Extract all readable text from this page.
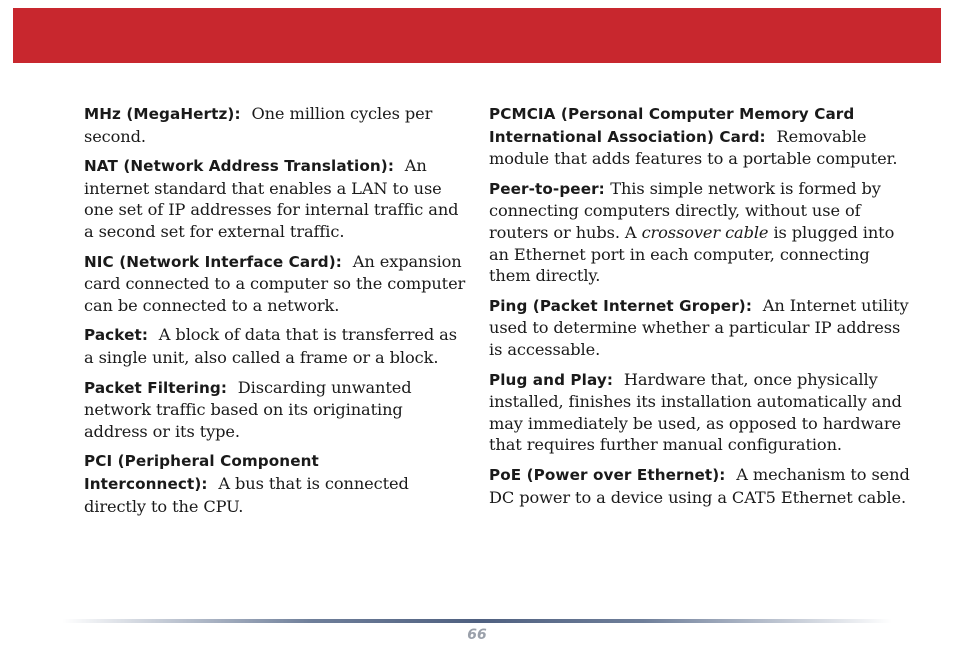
MHz (MegaHertz): One million cycles per second.

NAT (Network Address Translation): An internet standard that enables a LAN to use one set of IP addresses for internal traffic and a second set for external traffic.

NIC (Network Interface Card): An expansion card connected to a computer so the computer can be connected to a network.

Packet: A block of data that is transferred as a single unit, also called a frame or a block.

Packet Filtering: Discarding unwanted network traffic based on its originating address or its type.

PCI (Peripheral Component Interconnect): A bus that is connected directly to the CPU.

PCMCIA (Personal Computer Memory Card International Association) Card: Removable module that adds features to a portable computer.

Peer-to-peer: This simple network is formed by connecting computers directly, without use of routers or hubs. A crossover cable is plugged into an Ethernet port in each computer, connecting them directly.

Ping (Packet Internet Groper): An Internet utility used to determine whether a particular IP address is accessable.

Plug and Play: Hardware that, once physically installed, finishes its installation automatically and may immediately be used, as opposed to hardware that requires further manual configuration.

PoE (Power over Ethernet): A mechanism to send DC power to a device using a CAT5 Ethernet cable.

66
